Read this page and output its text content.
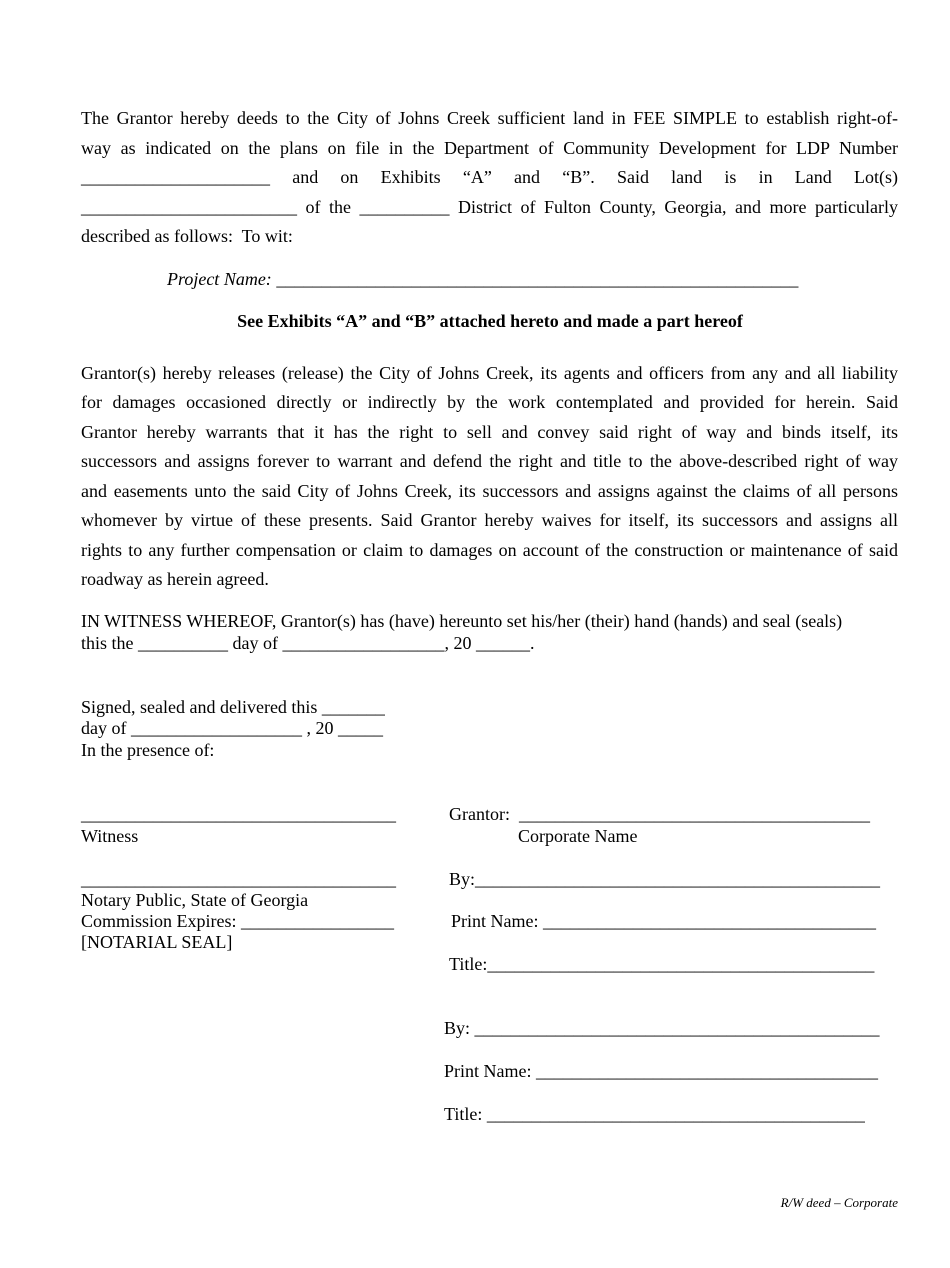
The Grantor hereby deeds to the City of Johns Creek sufficient land in FEE SIMPLE to establish right-of-
way as indicated on the plans on file in the Department of Community Development for LDP Number
_____________________ and on Exhibits “A” and “B”. Said land is in Land Lot(s)
________________________ of the __________ District of Fulton County, Georgia, and more particularly
described as follows:  To wit:
Project Name: __________________________________________________________
See Exhibits “A” and “B” attached hereto and made a part hereof
Grantor(s) hereby releases (release) the City of Johns Creek, its agents and officers from any and all liability
for damages occasioned directly or indirectly by the work contemplated and provided for herein. Said
Grantor hereby warrants that it has the right to sell and convey said right of way and binds itself, its
successors and assigns forever to warrant and defend the right and title to the above-described right of way
and easements unto the said City of Johns Creek, its successors and assigns against the claims of all persons
whomever by virtue of these presents. Said Grantor hereby waives for itself, its successors and assigns all
rights to any further compensation or claim to damages on account of the construction or maintenance of said
roadway as herein agreed.
IN WITNESS WHEREOF, Grantor(s) has (have) hereunto set his/her (their) hand (hands) and seal (seals)
this the __________ day of __________________, 20 ______.
Signed, sealed and delivered this _______
day of ___________________ , 20 _____
In the presence of:
___________________________________
Witness
___________________________________
Notary Public, State of Georgia
Commission Expires: _________________
[NOTARIAL SEAL]
Grantor:  _______________________________________
Corporate Name
By:_____________________________________________
Print Name: _____________________________________
Title:___________________________________________
By: _____________________________________________
Print Name: ______________________________________
Title: __________________________________________
R/W deed – Corporate
